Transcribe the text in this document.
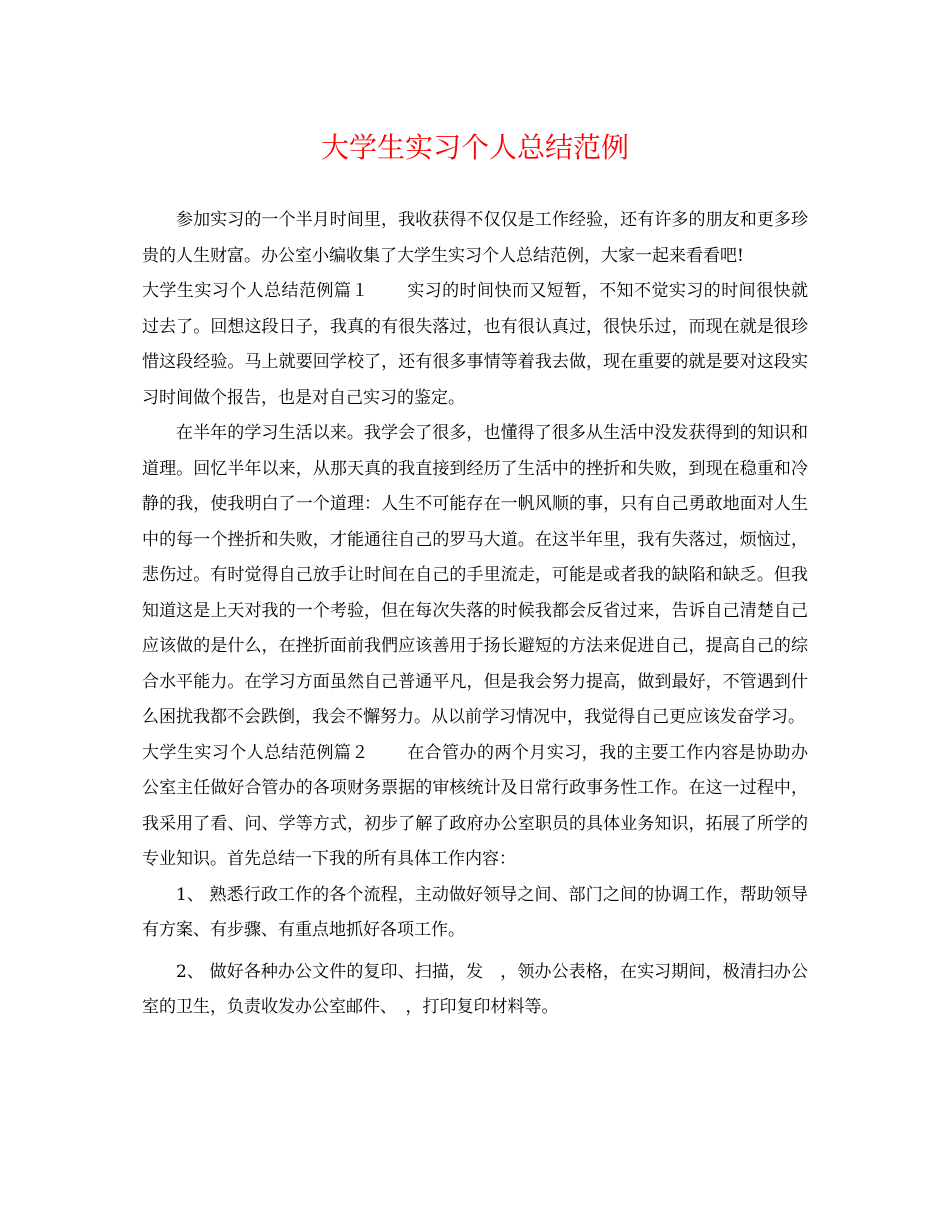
大学生实习个人总结范例

参加实习的一个半月时间里，我收获得不仅仅是工作经验，还有许多的朋友和更多珍贵的人生财富。办公室小编收集了大学生实习个人总结范例，大家一起来看看吧!

大学生实习个人总结范例篇１ 实习的时间快而又短暂，不知不觉实习的时间很快就过去了。回想这段日子，我真的有很失落过，也有很认真过，很快乐过，而现在就是很珍惜这段经验。马上就要回学校了，还有很多事情等着我去做，现在重要的就是要对这段实习时间做个报告，也是对自己实习的鉴定。

在半年的学习生活以来。我学会了很多，也懂得了很多从生活中没发获得到的知识和道理。回忆半年以来，从那天真的我直接到经历了生活中的挫折和失败，到现在稳重和冷静的我，使我明白了一个道理：人生不可能存在一帆风顺的事，只有自己勇敢地面对人生中的每一个挫折和失败，才能通往自己的罗马大道。在这半年里，我有失落过，烦恼过，悲伤过。有时觉得自己放手让时间在自己的手里流走，可能是或者我的缺陷和缺乏。但我知道这是上天对我的一个考验，但在每次失落的时候我都会反省过来，告诉自己清楚自己应该做的是什么，在挫折面前我們应该善用于扬长避短的方法来促进自己，提高自己的综合水平能力。在学习方面虽然自己普通平凡，但是我会努力提高，做到最好，不管遇到什么困扰我都不会跌倒，我会不懈努力。从以前学习情况中，我觉得自己更应该发奋学习。

大学生实习个人总结范例篇２ 在合管办的两个月实习，我的主要工作内容是协助办公室主任做好合管办的各项财务票据的审核统计及日常行政事务性工作。在这一过程中，我采用了看、问、学等方式，初步了解了政府办公室职员的具体业务知识，拓展了所学的专业知识。首先总结一下我的所有具体工作内容：

1、 熟悉行政工作的各个流程，主动做好领导之间、部门之间的协调工作，帮助领导有方案、有步骤、有重点地抓好各项工作。

2、 做好各种办公文件的复印、扫描，发　，领办公表格，在实习期间，极清扫办公室的卫生，负责收发办公室邮件、　，打印复印材料等。
